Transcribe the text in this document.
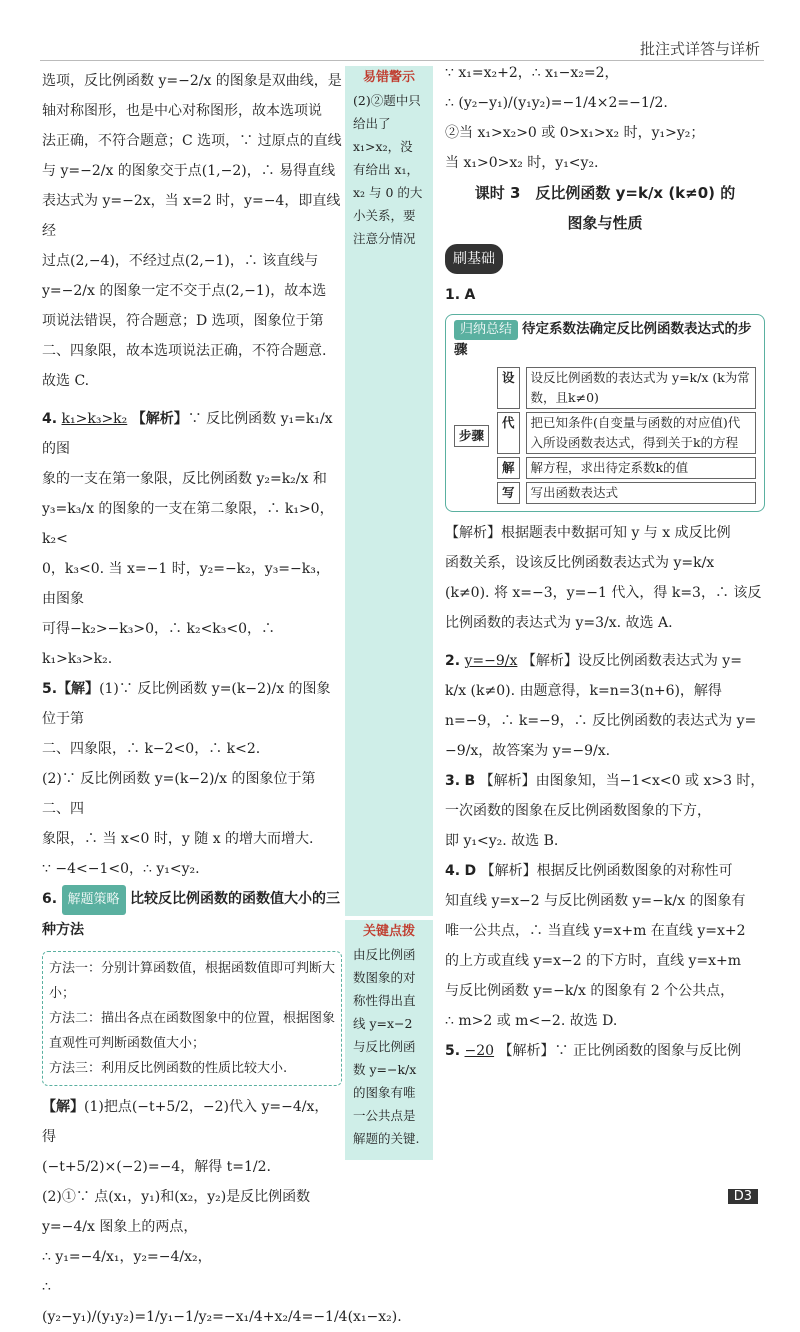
批注式详答与详析

选项，反比例函数 y=−2/x 的图象是双曲线，是

轴对称图形，也是中心对称图形，故本选项说

法正确，不符合题意；C 选项，∵ 过原点的直线

与 y=−2/x 的图象交于点(1,−2)，∴ 易得直线

表达式为 y=−2x，当 x=2 时，y=−4，即直线经

过点(2,−4)，不经过点(2,−1)，∴ 该直线与

y=−2/x 的图象一定不交于点(2,−1)，故本选

项说法错误，符合题意；D 选项，图象位于第

二、四象限，故本选项说法正确，不符合题意.

故选 C.

4. k₁>k₃>k₂ 【解析】∵ 反比例函数 y₁=k₁/x 的图

象的一支在第一象限，反比例函数 y₂=k₂/x 和

y₃=k₃/x 的图象的一支在第二象限，∴ k₁>0，k₂<

0，k₃<0. 当 x=−1 时，y₂=−k₂，y₃=−k₃，由图象

可得−k₂>−k₃>0，∴ k₂<k₃<0，∴ k₁>k₃>k₂.

5.【解】(1)∵ 反比例函数 y=(k−2)/x 的图象位于第

二、四象限，∴ k−2<0，∴ k<2.

(2)∵ 反比例函数 y=(k−2)/x 的图象位于第二、四

象限，∴ 当 x<0 时，y 随 x 的增大而增大.

∵ −4<−1<0，∴ y₁<y₂.

6. 解题策略 比较反比例函数的函数值大小的三种方法

方法一：分别计算函数值，根据函数值即可判断大小；
方法二：描出各点在函数图象中的位置，根据图象直观性可判断函数值大小；
方法三：利用反比例函数的性质比较大小.

【解】(1)把点(−t+5/2，−2)代入 y=−4/x，得

(−t+5/2)×(−2)=−4，解得 t=1/2.

(2)①∵ 点(x₁，y₁)和(x₂，y₂)是反比例函数

y=−4/x 图象上的两点，

∴ y₁=−4/x₁，y₂=−4/x₂，

∴ (y₂−y₁)/(y₁y₂)=1/y₁−1/y₂=−x₁/4+x₂/4=−1/4(x₁−x₂).

易错警示
(2)②题中只给出了 x₁>x₂，没有给出 x₁，x₂ 与 0 的大小关系，要注意分情况
关键点拨
由反比例函数图象的对称性得出直线 y=x−2 与反比例函数 y=−k/x 的图象有唯一公共点是解题的关键.

∵ x₁=x₂+2，∴ x₁−x₂=2，

∴ (y₂−y₁)/(y₁y₂)=−1/4×2=−1/2.

②当 x₁>x₂>0 或 0>x₁>x₂ 时，y₁>y₂；

当 x₁>0>x₂ 时，y₁<y₂.

课时 3　反比例函数 y=k/x (k≠0) 的
图象与性质
刷基础

1. A

归纳总结 待定系数法确定反比例函数表达式的步骤
步骤
设	设反比例函数的表达式为 y=k/x (k为常数，且k≠0)
代	把已知条件(自变量与函数的对应值)代入所设函数表达式，得到关于k的方程
解	解方程，求出待定系数k的值
写	写出函数表达式

【解析】根据题表中数据可知 y 与 x 成反比例

函数关系，设该反比例函数表达式为 y=k/x

(k≠0). 将 x=−3，y=−1 代入，得 k=3，∴ 该反

比例函数的表达式为 y=3/x. 故选 A.

2. y=−9/x 【解析】设反比例函数表达式为 y=

k/x (k≠0). 由题意得，k=n=3(n+6)，解得

n=−9，∴ k=−9，∴ 反比例函数的表达式为 y=

−9/x，故答案为 y=−9/x.

3. B 【解析】由图象知，当−1<x<0 或 x>3 时，

一次函数的图象在反比例函数图象的下方，

即 y₁<y₂. 故选 B.

4. D 【解析】根据反比例函数图象的对称性可

知直线 y=x−2 与反比例函数 y=−k/x 的图象有

唯一公共点，∴ 当直线 y=x+m 在直线 y=x+2

的上方或直线 y=x−2 的下方时，直线 y=x+m

与反比例函数 y=−k/x 的图象有 2 个公共点，

∴ m>2 或 m<−2. 故选 D.

5. −20 【解析】∵ 正比例函数的图象与反比例

D3
